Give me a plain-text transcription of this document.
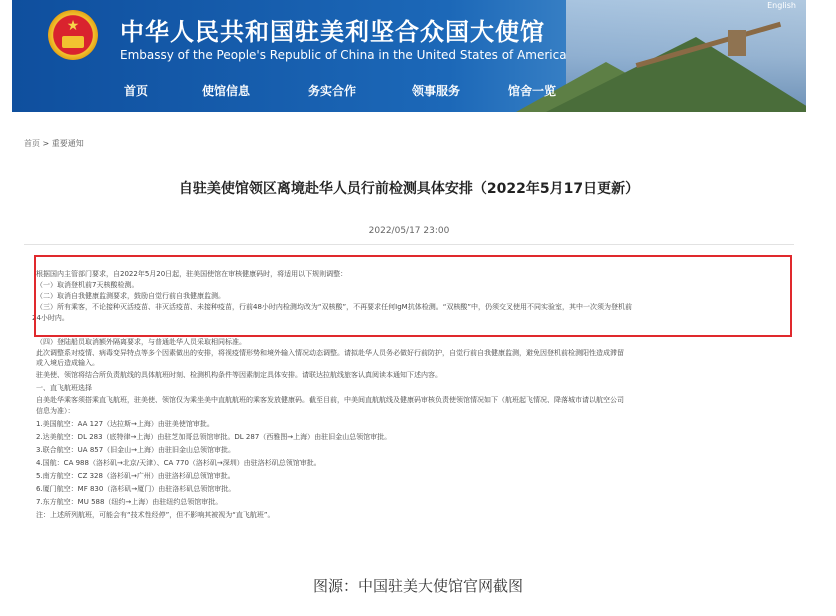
English
★	中华人民共和国驻美利坚合众国大使馆
Embassy of the People's Republic of China in the United States of America
首页	使馆信息	务实合作	领事服务	馆舍一览
首页 > 重要通知
自驻美使馆领区离境赴华人员行前检测具体安排（2022年5月17日更新）
2022/05/17 23:00
根据国内主管部门要求，自2022年5月20日起，驻美国使馆在审核健康码时，将适用以下规则调整：
（一）取消登机前7天核酸检测。
（二）取消自我健康监测要求，鼓励自觉行前自我健康监测。
（三）所有乘客，不论接种灭活疫苗、非灭活疫苗、未接种疫苗，行前48小时内检测均改为“双核酸”，不再要求任何IgM抗体检测。“双核酸”中，仍须交叉使用不同实验室，其中一次须为登机前
24小时内。
（四）登陆船员取消额外隔离要求，与普通赴华人员采取相同标准。
此次调整系对疫情、病毒变异特点等多个因素做出的安排，将视疫情形势和境外输入情况动态调整。请拟赴华人员务必做好行前防护，自觉行前自我健康监测，避免因登机前检测阳性造成滞留
或入境后造成输入。
驻美使、领馆将结合所负责航线的具体航班时刻、检测机构条件等因素制定具体安排。请联达拉航线旅客认真阅读本通知下述内容。
一、直飞航班选择
自美赴华乘客须搭乘直飞航班，驻美使、领馆仅为乘坐美中直航航班的乘客发放健康码。截至目前，中美间直航航线及健康码审核负责使领馆情况如下（航班起飞情况、降落城市请以航空公司
信息为准）：
1.美国航空：AA 127（达拉斯→上海）由驻美使馆审批。
2.达美航空：DL 283（底特律→上海）由驻芝加哥总领馆审批。DL 287（西雅图→上海）由驻旧金山总领馆审批。
3.联合航空：UA 857（旧金山→上海）由驻旧金山总领馆审批。
4.国航：CA 988（洛杉矶→北京/天津）、CA 770（洛杉矶→深圳）由驻洛杉矶总领馆审批。
5.南方航空：CZ 328（洛杉矶→广州）由驻洛杉矶总领馆审批。
6.厦门航空：MF 830（洛杉矶→厦门）由驻洛杉矶总领馆审批。
7.东方航空：MU 588（纽约→上海）由驻纽约总领馆审批。
注：上述所列航班，可能会有“技术性经停”，但不影响其被视为“直飞航班”。
图源：中国驻美大使馆官网截图
